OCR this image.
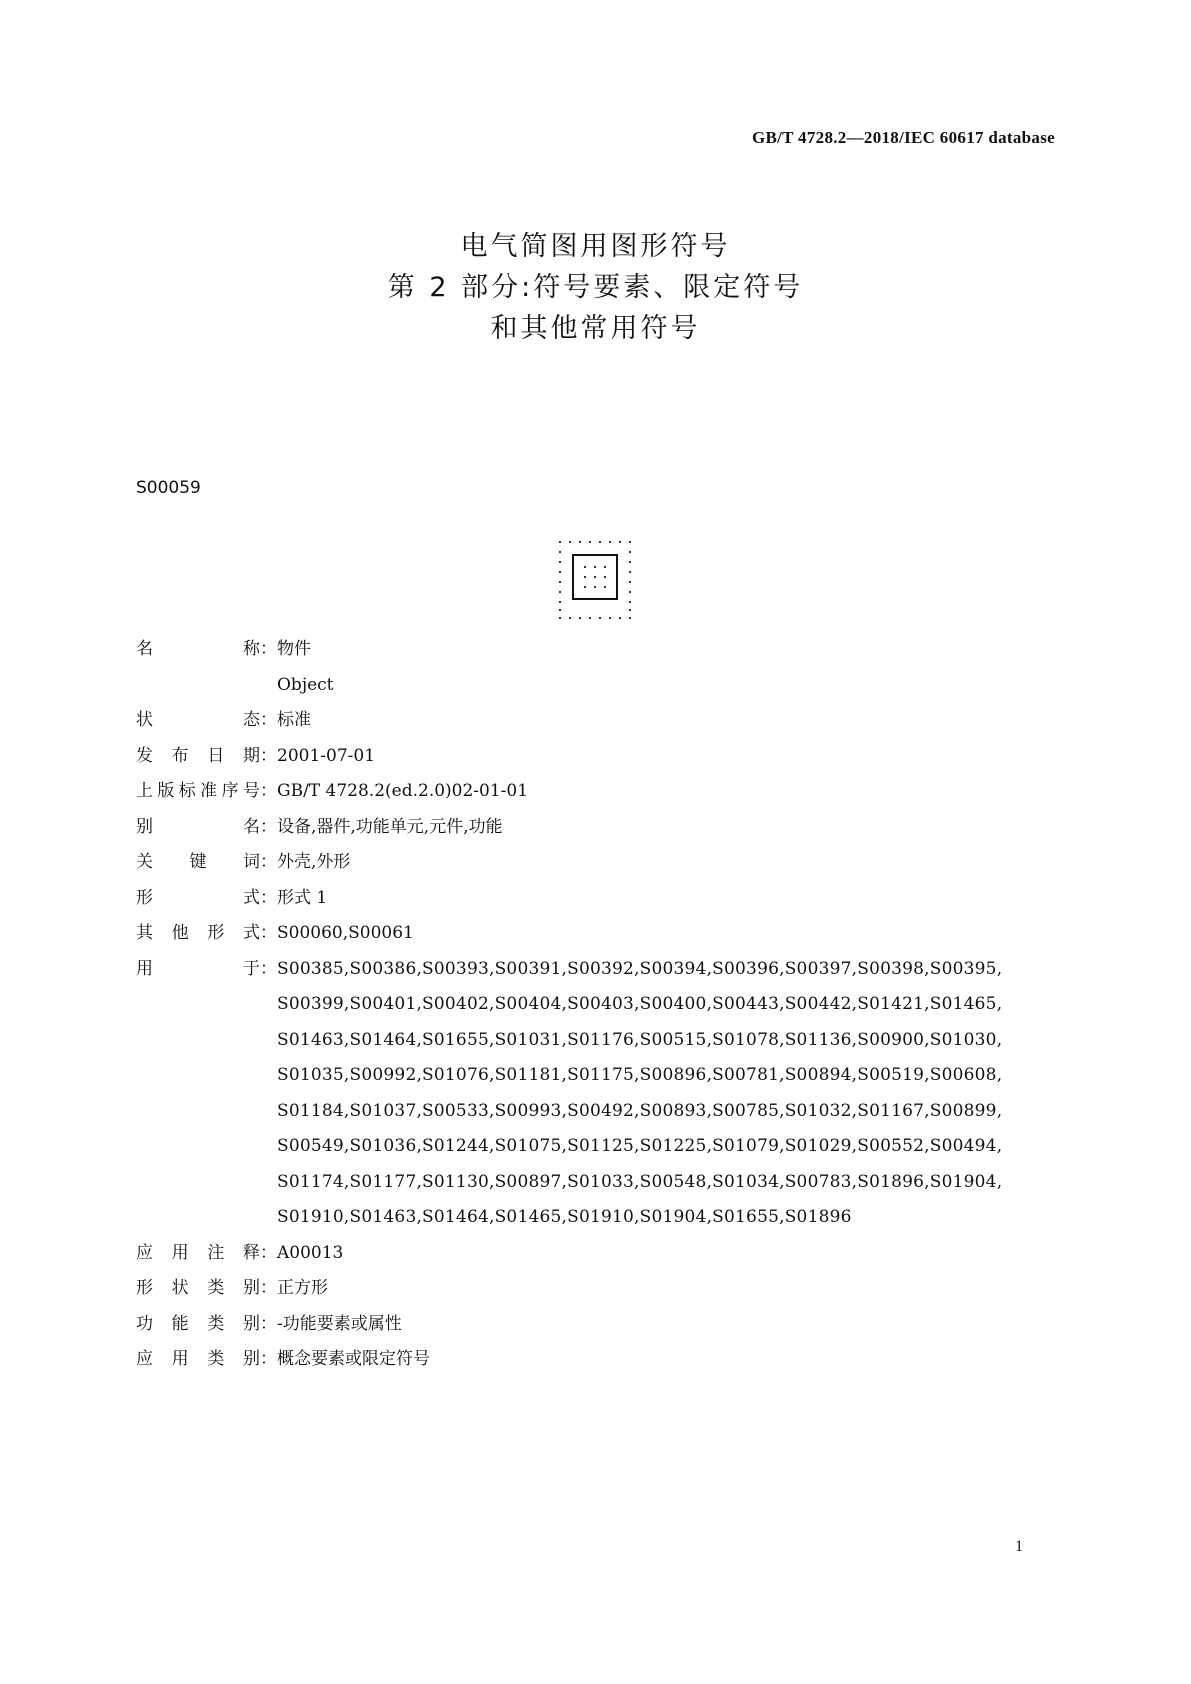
GB/T 4728.2—2018/IEC 60617 database
电气简图用图形符号
第 2 部分:符号要素、限定符号
和其他常用符号
S00059
名	称 ： 物件
Object
状	态 ： 标准
发 布 日 期 ： 2001-07-01
上 版 标 准 序 号 ： GB/T 4728.2(ed.2.0)02-01-01
别	名 ： 设备,器件,功能单元,元件,功能
关 键 词 ： 外壳,外形
形	式 ： 形式 1
其 他 形 式 ： S00060,S00061
用	于 ： S00385,S00386,S00393,S00391,S00392,S00394,S00396,S00397,S00398,S00395,
S00399,S00401,S00402,S00404,S00403,S00400,S00443,S00442,S01421,S01465,
S01463,S01464,S01655,S01031,S01176,S00515,S01078,S01136,S00900,S01030,
S01035,S00992,S01076,S01181,S01175,S00896,S00781,S00894,S00519,S00608,
S01184,S01037,S00533,S00993,S00492,S00893,S00785,S01032,S01167,S00899,
S00549,S01036,S01244,S01075,S01125,S01225,S01079,S01029,S00552,S00494,
S01174,S01177,S01130,S00897,S01033,S00548,S01034,S00783,S01896,S01904,
S01910,S01463,S01464,S01465,S01910,S01904,S01655,S01896
应 用 注 释 ： A00013
形 状 类 别 ： 正方形
功 能 类 别 ： -功能要素或属性
应 用 类 别 ： 概念要素或限定符号
1
